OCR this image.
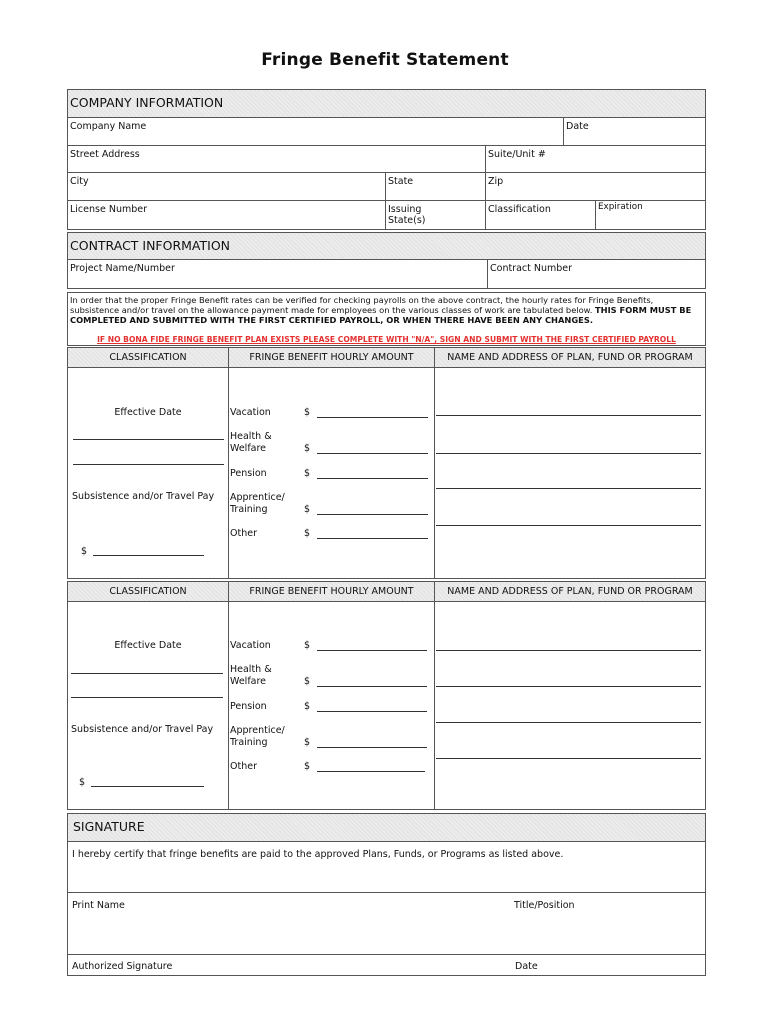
Fringe Benefit Statement
COMPANY INFORMATION
Company Name	Date
Street Address	Suite/Unit #
City	State	Zip
License Number	Issuing State(s)
Classification	Expiration
CONTRACT INFORMATION
Project Name/Number	Contract Number
In order that the proper Fringe Benefit rates can be verified for checking payrolls on the above contract, the hourly rates for Fringe Benefits, subsistence and/or travel on the allowance payment made for employees on the various classes of work are tabulated below. THIS FORM MUST BE COMPLETED AND SUBMITTED WITH THE FIRST CERTIFIED PAYROLL, OR WHEN THERE HAVE BEEN ANY CHANGES.
IF NO BONA FIDE FRINGE BENEFIT PLAN EXISTS PLEASE COMPLETE WITH "N/A", SIGN AND SUBMIT WITH THE FIRST CERTIFIED PAYROLL
CLASSIFICATION	FRINGE BENEFIT HOURLY AMOUNT	NAME AND ADDRESS OF PLAN, FUND OR PROGRAM
Effective Date
Subsistence and/or Travel Pay
$
Vacation	$
Health &
Welfare	$
Pension	$
Apprentice/
Training	$
Other	$
CLASSIFICATION	FRINGE BENEFIT HOURLY AMOUNT	NAME AND ADDRESS OF PLAN, FUND OR PROGRAM
Effective Date
Subsistence and/or Travel Pay
$
Vacation	$
Health &
Welfare	$
Pension	$
Apprentice/
Training	$
Other	$
SIGNATURE
I hereby certify that fringe benefits are paid to the approved Plans, Funds, or Programs as listed above.
Print Name	Title/Position
Authorized Signature	Date
